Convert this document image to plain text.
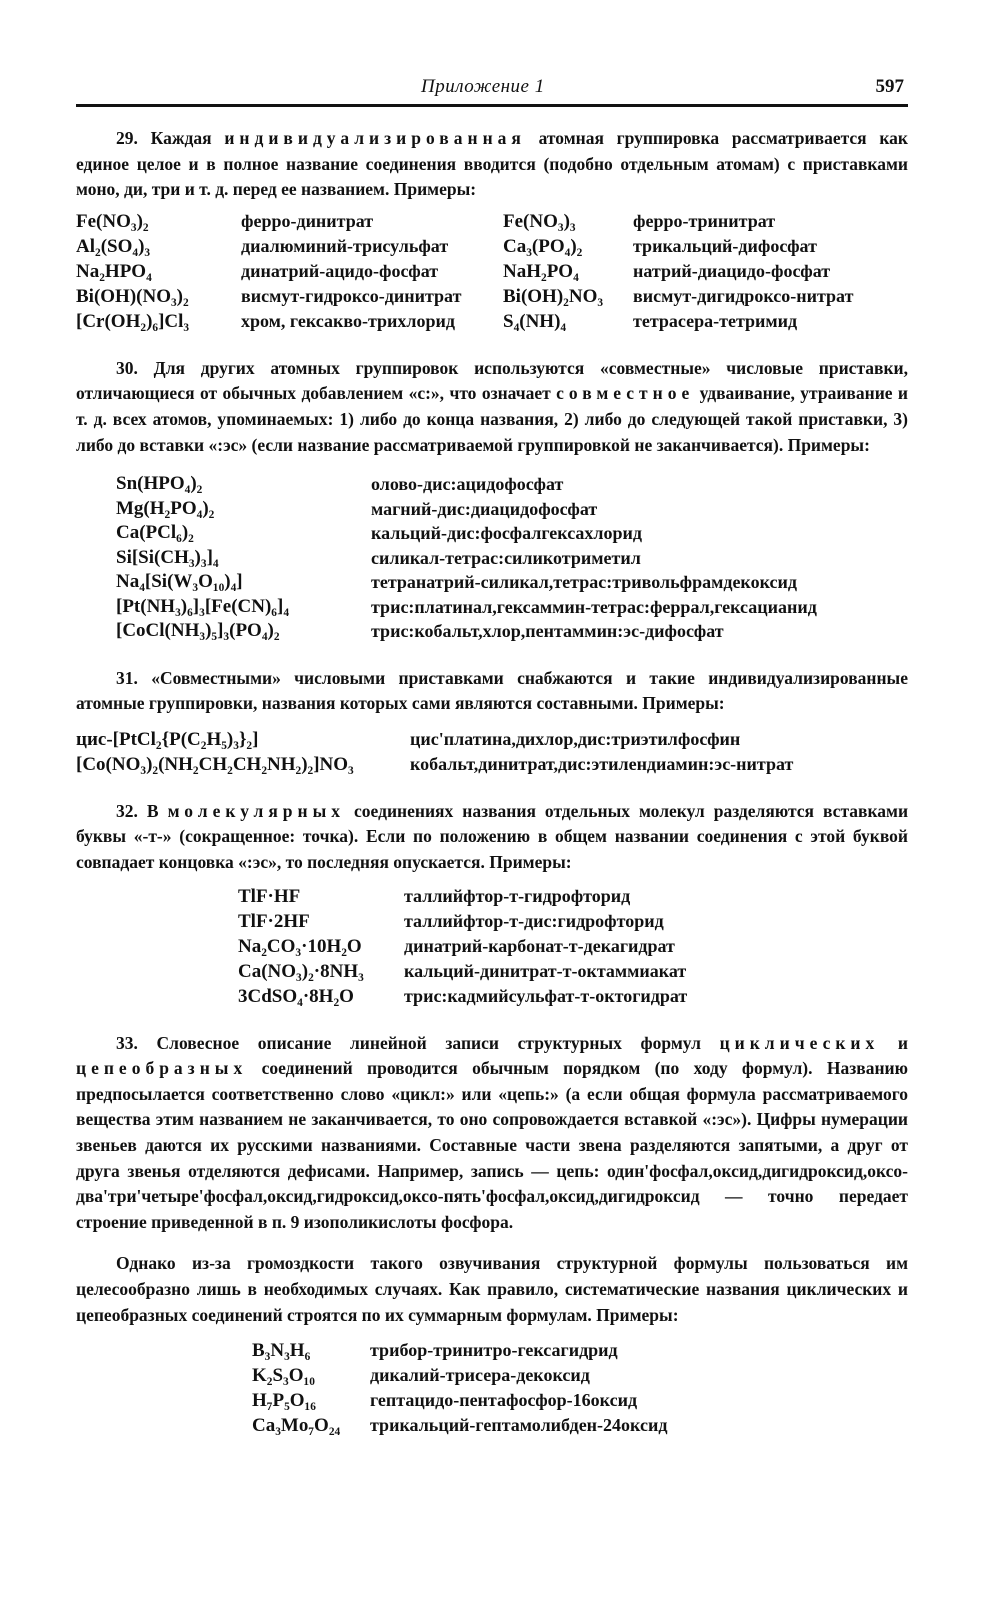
Приложение 1	597

29. Каждая индивидуализированная атомная группировка рассматривается как единое целое и в полное название соединения вводится (подобно отдельным атомам) с приставками моно, ди, три и т. д. перед ее названием. Примеры:

Fe(NO₃)₂	ферро-динитрат	Fe(NO₃)₃	ферро-тринитрат
Al₂(SO₄)₃	диалюминий-трисульфат	Ca₃(PO₄)₂	трикальций-дифосфат
Na₂HPO₄	динатрий-ацидо-фосфат	NaH₂PO₄	натрий-диацидо-фосфат
Bi(OH)(NO₃)₂	висмут-гидроксо-динитрат	Bi(OH)₂NO₃	висмут-дигидроксо-нитрат
[Cr(OH₂)₆]Cl₃	хром, гексакво-трихлорид	S₄(NH)₄	тетрасера-тетримид

30. Для других атомных группировок используются «совместные» числовые приставки, отличающиеся от обычных добавлением «с:», что означает совместное удваивание, утраивание и т. д. всех атомов, упоминаемых: 1) либо до конца названия, 2) либо до следующей такой приставки, 3) либо до вставки «:эс» (если название рассматриваемой группировкой не заканчивается). Примеры:

Sn(HPO₄)₂	олово-дис:ацидофосфат
Mg(H₂PO₄)₂	магний-дис:диацидофосфат
Ca(PCl₆)₂	кальций-дис:фосфалгексахлорид
Si[Si(CH₃)₃]₄	силикал-тетрас:силикотриметил
Na₄[Si(W₃O₁₀)₄]	тетранатрий-силикал,тетрас:тривольфрамдекоксид
[Pt(NH₃)₆]₃[Fe(CN)₆]₄	трис:платинал,гексаммин-тетрас:феррал,гексацианид
[CoCl(NH₃)₅]₃(PO₄)₂	трис:кобальт,хлор,пентаммин:эс-дифосфат

31. «Совместными» числовыми приставками снабжаются и такие индивидуализированные атомные группировки, названия которых сами являются составными. Примеры:

цис-[PtCl₂{P(C₂H₅)₃}₂]	цис'платина,дихлор,дис:триэтилфосфин
[Co(NO₃)₂(NH₂CH₂CH₂NH₂)₂]NO₃	кобальт,динитрат,дис:этилендиамин:эс-нитрат

32. В молекулярных соединениях названия отдельных молекул разделяются вставками буквы «-т-» (сокращенное: точка). Если по положению в общем названии соединения с этой буквой совпадает концовка «:эс», то последняя опускается. Примеры:

TlF·HF	таллийфтор-т-гидрофторид
TlF·2HF	таллийфтор-т-дис:гидрофторид
Na₂CO₃·10H₂O	динатрий-карбонат-т-декагидрат
Ca(NO₃)₂·8NH₃	кальций-динитрат-т-октаммиакат
3CdSO₄·8H₂O	трис:кадмийсульфат-т-октогидрат

33. Словесное описание линейной записи структурных формул циклических и цепеобразных соединений проводится обычным порядком (по ходу формул). Названию предпосылается соответственно слово «цикл:» или «цепь:» (а если общая формула рассматриваемого вещества этим названием не заканчивается, то оно сопровождается вставкой «:эс»). Цифры нумерации звеньев даются их русскими названиями. Составные части звена разделяются запятыми, а друг от друга звенья отделяются дефисами. Например, запись — цепь: один'фосфал,оксид,дигидроксид,оксо-два'три'четыре'фосфал,оксид,гидроксид,оксо-пять'фосфал,оксид,дигидроксид — точно передает строение приведенной в п. 9 изополикислоты фосфора.

Однако из-за громоздкости такого озвучивания структурной формулы пользоваться им целесообразно лишь в необходимых случаях. Как правило, систематические названия циклических и цепеобразных соединений строятся по их суммарным формулам. Примеры:

B₃N₃H₆	трибор-тринитро-гексагидрид
K₂S₃O₁₀	дикалий-трисера-декоксид
H₇P₅O₁₆	гептацидо-пентафосфор-16оксид
Ca₃Mo₇O₂₄	трикальций-гептамолибден-24оксид
